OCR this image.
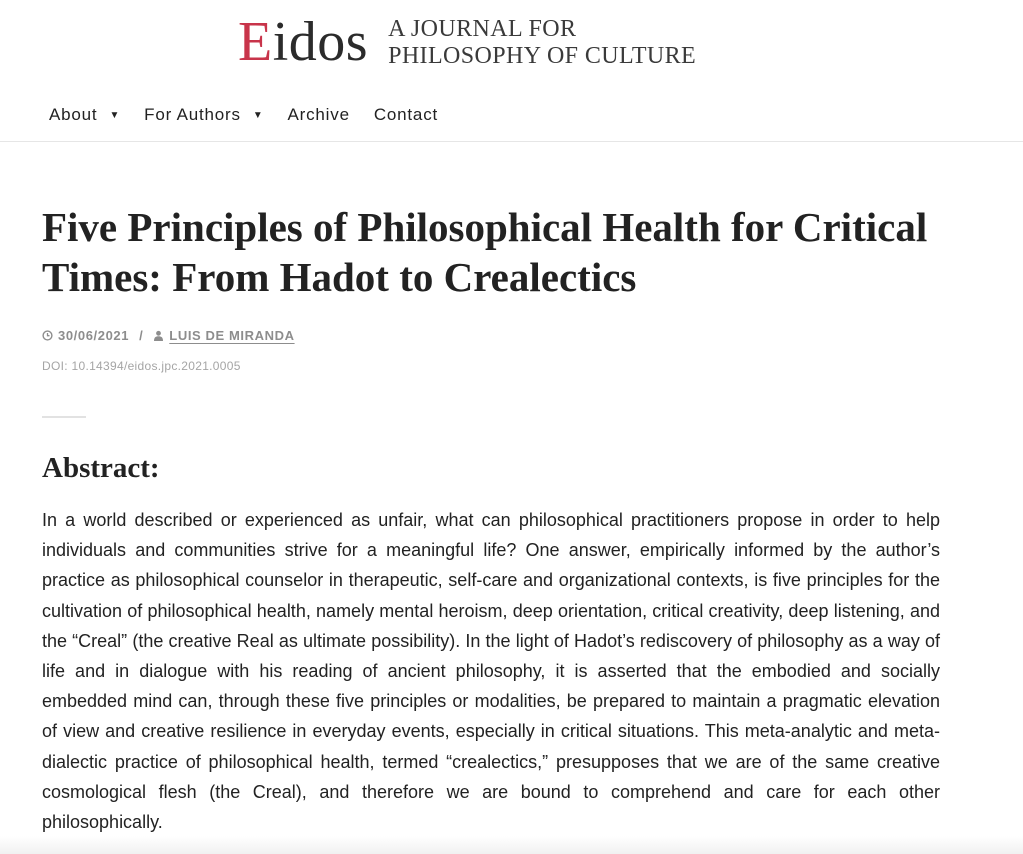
E idos A JOURNAL FOR
PHILOSOPHY OF CULTURE
About ▼ For Authors ▼ Archive Contact
Five Principles of Philosophical Health for Critical Times: From Hadot to Crealectics
30/06/2021 / LUIS DE MIRANDA
DOI: 10.14394/eidos.jpc.2021.0005
Abstract:

In a world described or experienced as unfair, what can philosophical practitioners propose in order to help individuals and communities strive for a meaningful life? One answer, empirically informed by the author’s practice as philosophical counselor in therapeutic, self-care and organizational contexts, is five principles for the cultivation of philosophical health, namely mental heroism, deep orientation, critical creativity, deep listening, and the “Creal” (the creative Real as ultimate possibility). In the light of Hadot’s rediscovery of philosophy as a way of life and in dialogue with his reading of ancient philosophy, it is asserted that the embodied and socially embedded mind can, through these five principles or modalities, be prepared to maintain a pragmatic elevation of view and creative resilience in everyday events, especially in critical situations. This meta-analytic and meta-dialectic practice of philosophical health, termed “crealectics,” presupposes that we are of the same creative cosmological flesh (the Creal), and therefore we are bound to comprehend and care for each other philosophically.
